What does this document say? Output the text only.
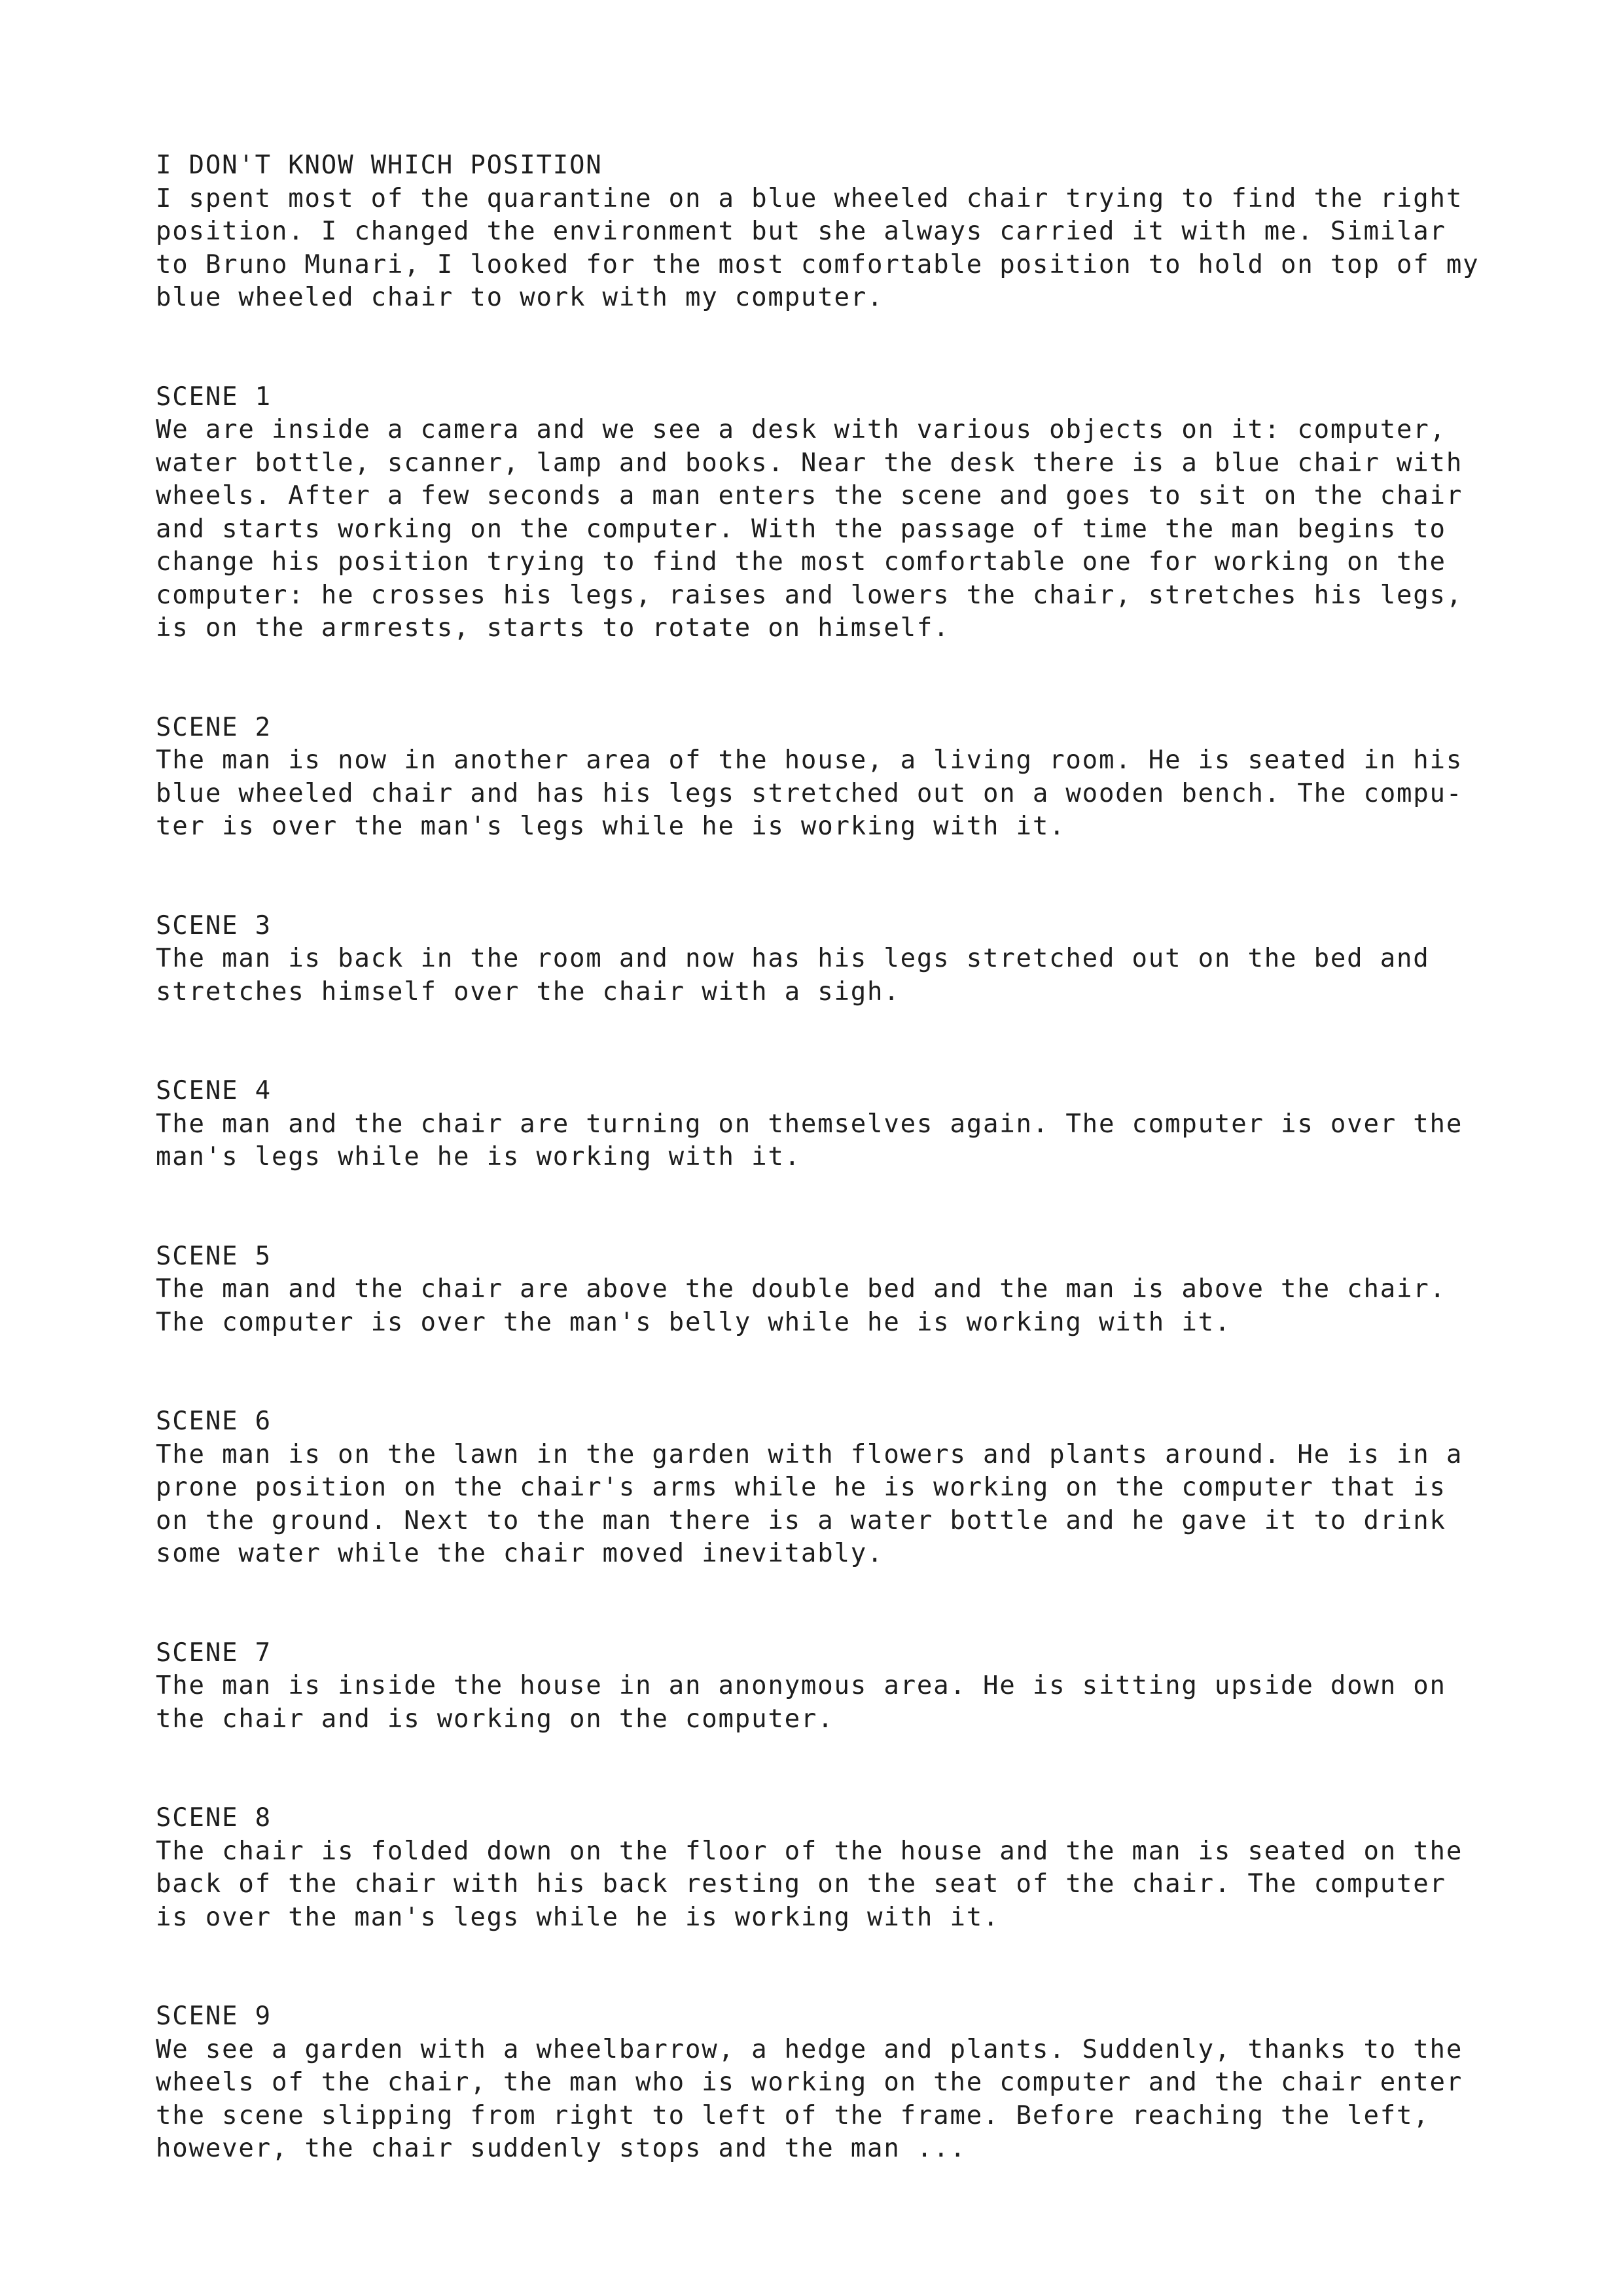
I DON'T KNOW WHICH POSITION

I spent most of the quarantine on a blue wheeled chair trying to find the right

position. I changed the environment but she always carried it with me. Similar

to Bruno Munari, I looked for the most comfortable position to hold on top of my

blue wheeled chair to work with my computer.

SCENE 1

We are inside a camera and we see a desk with various objects on it: computer,

water bottle, scanner, lamp and books. Near the desk there is a blue chair with

wheels. After a few seconds a man enters the scene and goes to sit on the chair

and starts working on the computer. With the passage of time the man begins to

change his position trying to find the most comfortable one for working on the

computer: he crosses his legs, raises and lowers the chair, stretches his legs,

is on the armrests, starts to rotate on himself.

SCENE 2

The man is now in another area of the house, a living room. He is seated in his

blue wheeled chair and has his legs stretched out on a wooden bench. The compu-

ter is over the man's legs while he is working with it.

SCENE 3

The man is back in the room and now has his legs stretched out on the bed and

stretches himself over the chair with a sigh.

SCENE 4

The man and the chair are turning on themselves again. The computer is over the

man's legs while he is working with it.

SCENE 5

The man and the chair are above the double bed and the man is above the chair.

The computer is over the man's belly while he is working with it.

SCENE 6

The man is on the lawn in the garden with flowers and plants around. He is in a

prone position on the chair's arms while he is working on the computer that is

on the ground. Next to the man there is a water bottle and he gave it to drink

some water while the chair moved inevitably.

SCENE 7

The man is inside the house in an anonymous area. He is sitting upside down on

the chair and is working on the computer.

SCENE 8

The chair is folded down on the floor of the house and the man is seated on the

back of the chair with his back resting on the seat of the chair. The computer

is over the man's legs while he is working with it.

SCENE 9

We see a garden with a wheelbarrow, a hedge and plants. Suddenly, thanks to the

wheels of the chair, the man who is working on the computer and the chair enter

the scene slipping from right to left of the frame. Before reaching the left,

however, the chair suddenly stops and the man ...
